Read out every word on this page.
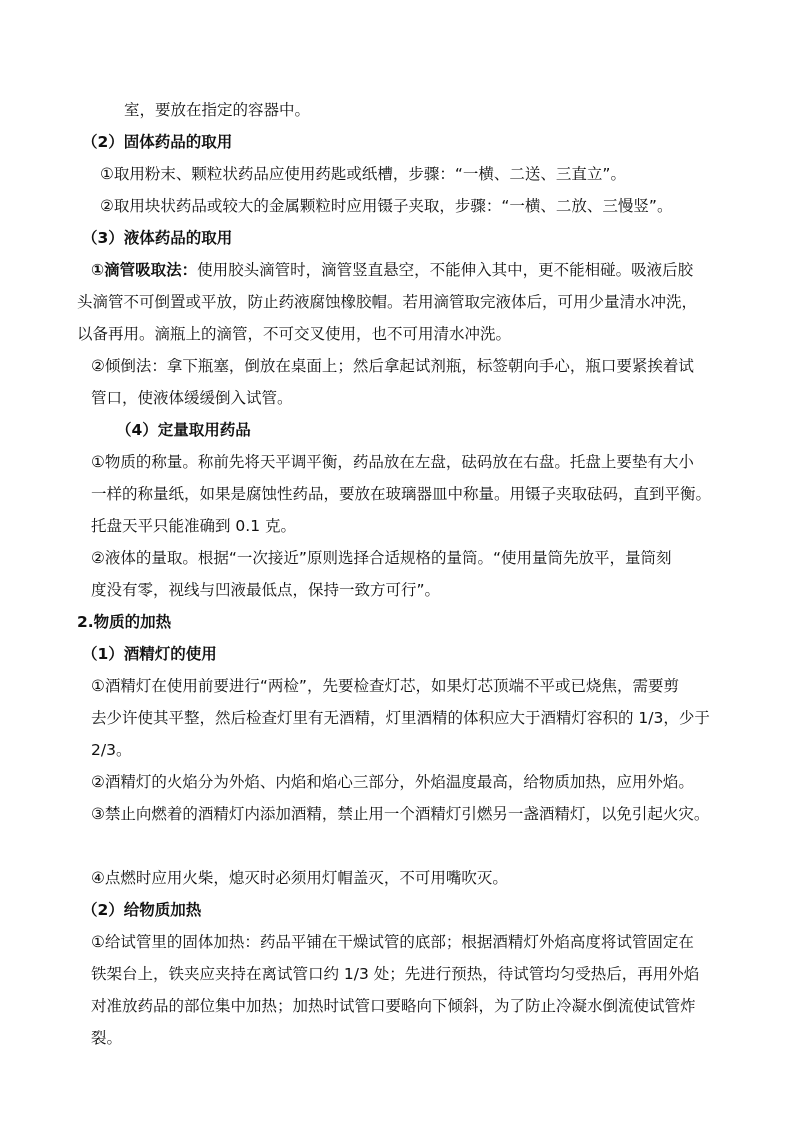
室，要放在指定的容器中。
（2）固体药品的取用
①取用粉末、颗粒状药品应使用药匙或纸槽，步骤：“一横、二送、三直立”。
②取用块状药品或较大的金属颗粒时应用镊子夹取，步骤：“一横、二放、三慢竖”。
（3）液体药品的取用
①滴管吸取法：使用胶头滴管时，滴管竖直悬空，不能伸入其中，更不能相碰。吸液后胶
头滴管不可倒置或平放，防止药液腐蚀橡胶帽。若用滴管取完液体后，可用少量清水冲洗，
以备再用。滴瓶上的滴管，不可交叉使用，也不可用清水冲洗。
②倾倒法：拿下瓶塞，倒放在桌面上；然后拿起试剂瓶，标签朝向手心，瓶口要紧挨着试
管口，使液体缓缓倒入试管。
（4）定量取用药品
①物质的称量。称前先将天平调平衡，药品放在左盘，砝码放在右盘。托盘上要垫有大小
一样的称量纸，如果是腐蚀性药品，要放在玻璃器皿中称量。用镊子夹取砝码，直到平衡。
托盘天平只能准确到 0.1 克。
②液体的量取。根据“一次接近”原则选择合适规格的量筒。“使用量筒先放平，量筒刻
度没有零，视线与凹液最低点，保持一致方可行”。
2.物质的加热
（1）酒精灯的使用
①酒精灯在使用前要进行“两检”，先要检查灯芯，如果灯芯顶端不平或已烧焦，需要剪
去少许使其平整，然后检查灯里有无酒精，灯里酒精的体积应大于酒精灯容积的 1/3，少于
2/3。
②酒精灯的火焰分为外焰、内焰和焰心三部分，外焰温度最高，给物质加热，应用外焰。
③禁止向燃着的酒精灯内添加酒精，禁止用一个酒精灯引燃另一盏酒精灯，以免引起火灾。
④点燃时应用火柴，熄灭时必须用灯帽盖灭，不可用嘴吹灭。
（2）给物质加热
①给试管里的固体加热：药品平铺在干燥试管的底部；根据酒精灯外焰高度将试管固定在
铁架台上，铁夹应夹持在离试管口约 1/3 处；先进行预热，待试管均匀受热后，再用外焰
对准放药品的部位集中加热；加热时试管口要略向下倾斜，为了防止冷凝水倒流使试管炸
裂。
